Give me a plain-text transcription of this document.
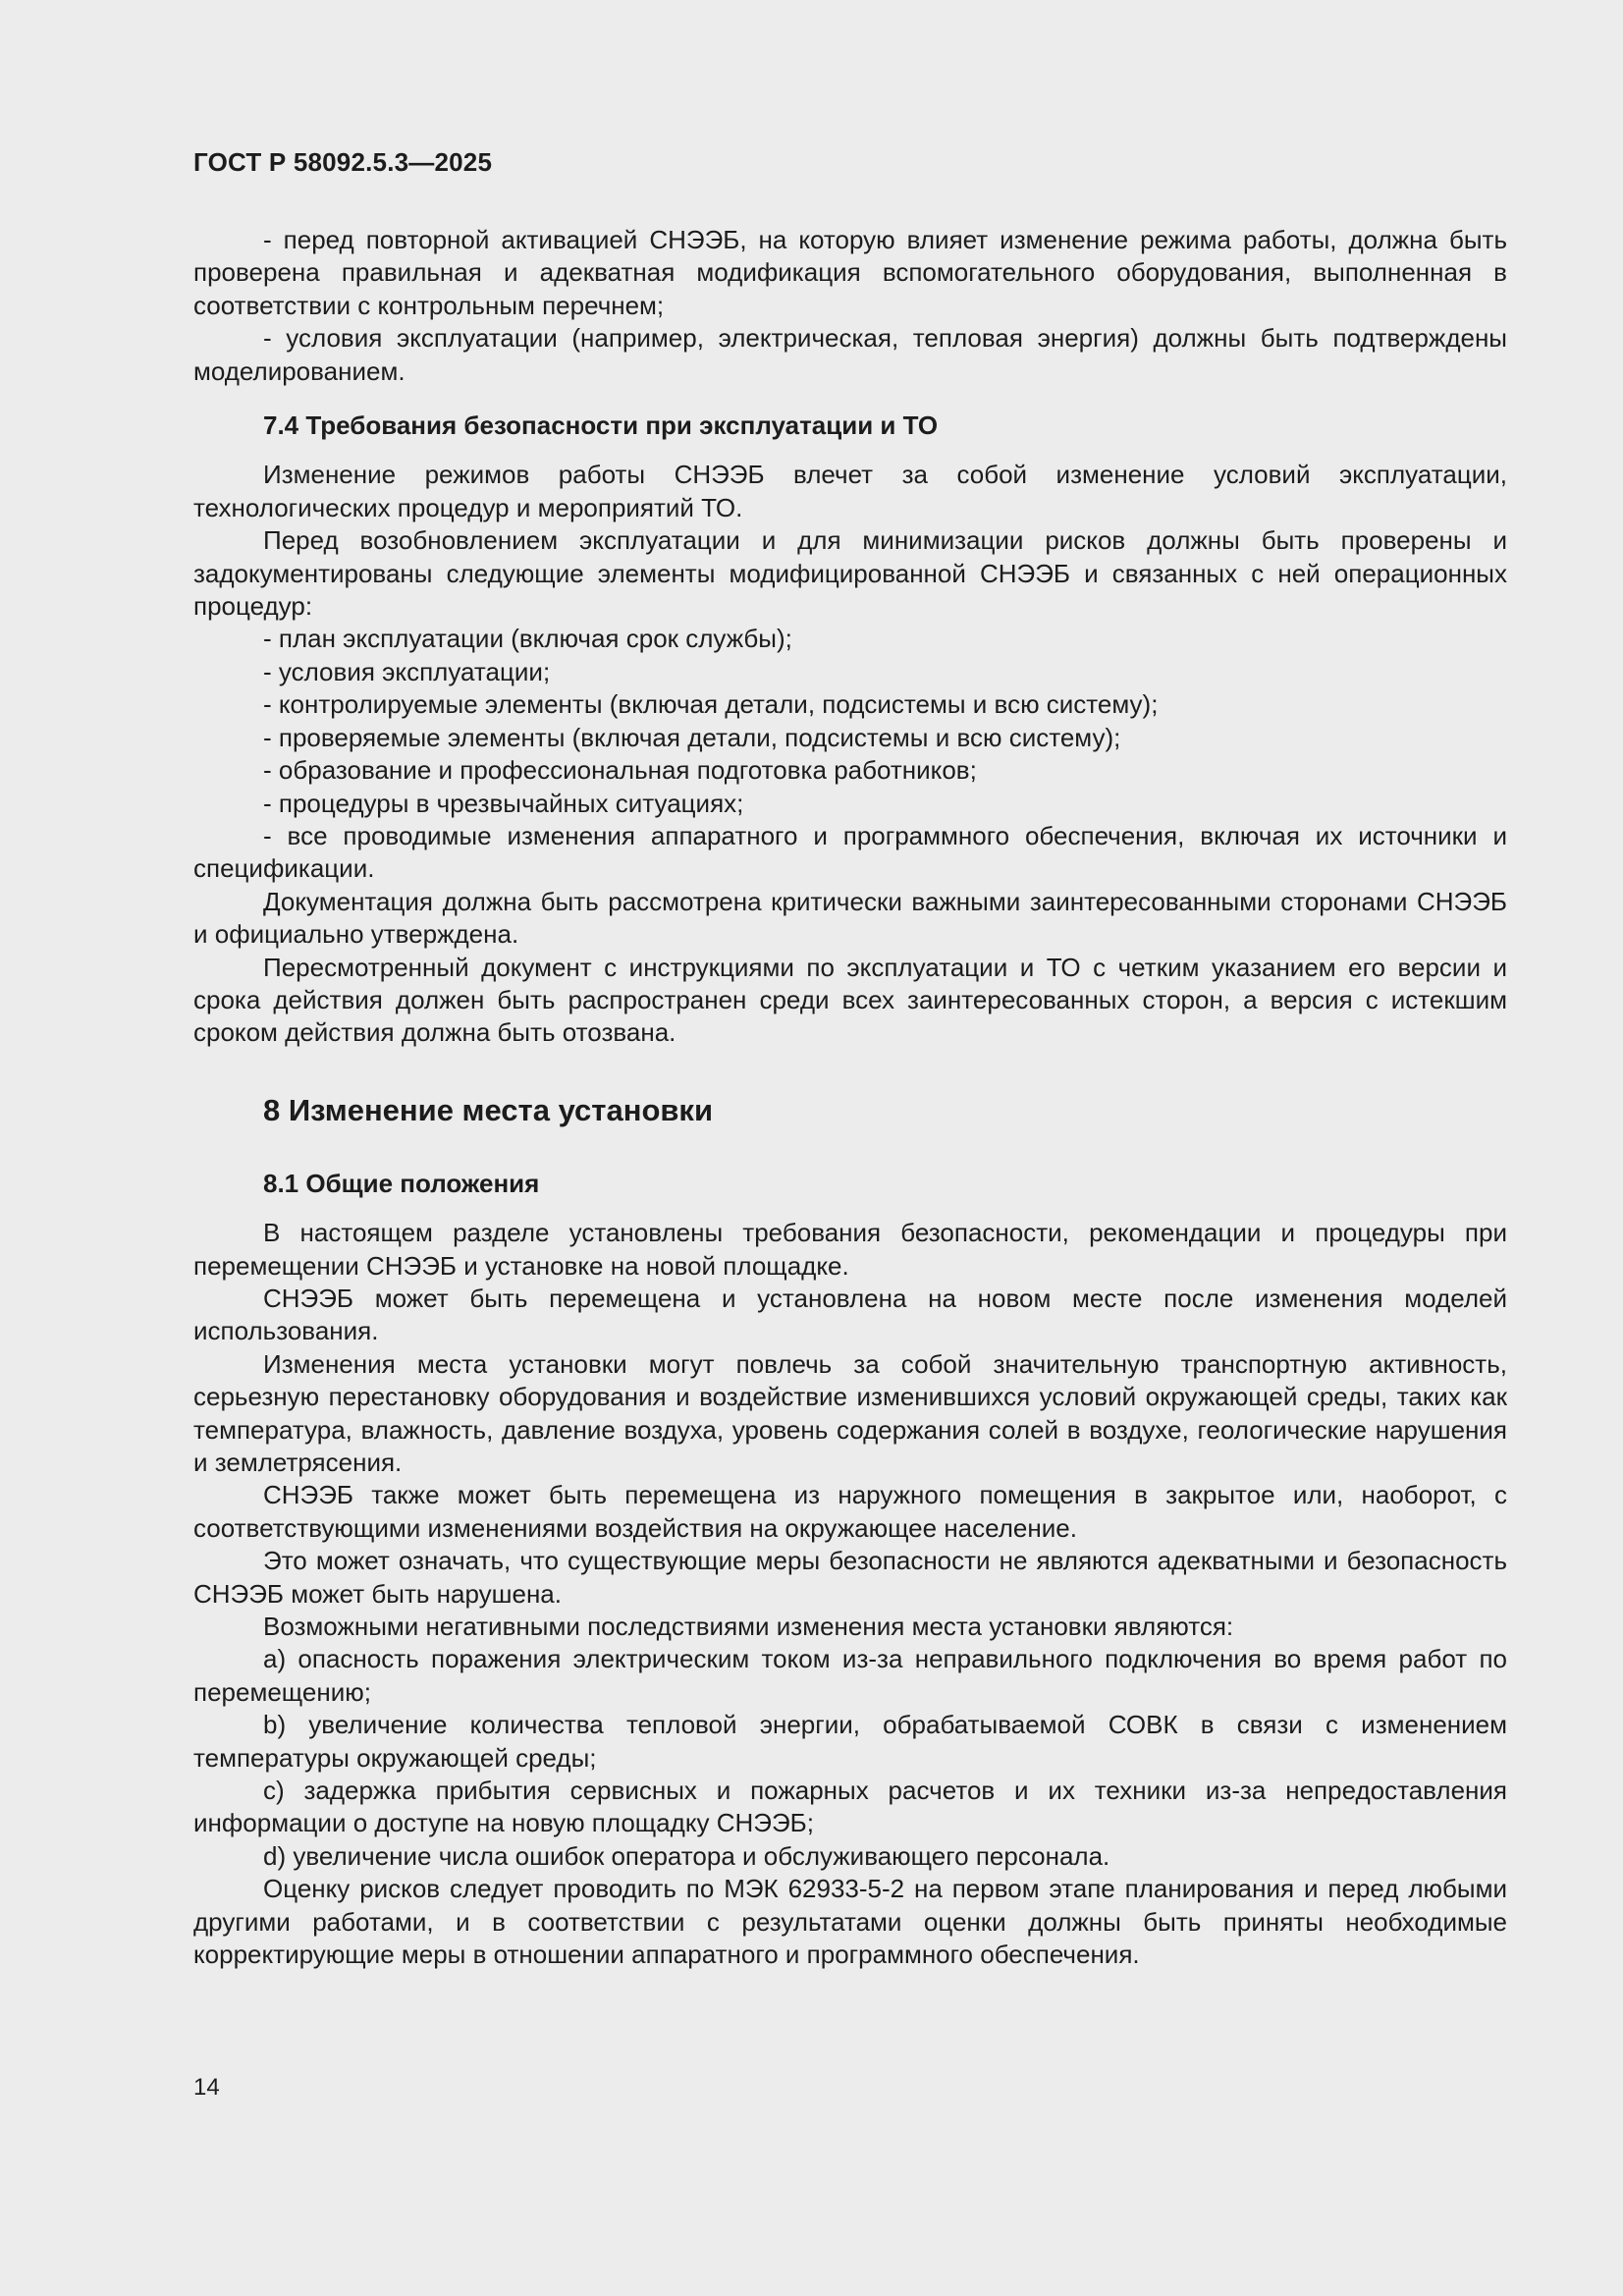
ГОСТ Р 58092.5.3—2025

- перед повторной активацией СНЭЭБ, на которую влияет изменение режима работы, должна быть проверена правильная и адекватная модификация вспомогательного оборудования, выполненная в соответствии с контрольным перечнем;

- условия эксплуатации (например, электрическая, тепловая энергия) должны быть подтверждены моделированием.

7.4 Требования безопасности при эксплуатации и ТО

Изменение режимов работы СНЭЭБ влечет за собой изменение условий эксплуатации, технологических процедур и мероприятий ТО.

Перед возобновлением эксплуатации и для минимизации рисков должны быть проверены и задокументированы следующие элементы модифицированной СНЭЭБ и связанных с ней операционных процедур:

- план эксплуатации (включая срок службы);

- условия эксплуатации;

- контролируемые элементы (включая детали, подсистемы и всю систему);

- проверяемые элементы (включая детали, подсистемы и всю систему);

- образование и профессиональная подготовка работников;

- процедуры в чрезвычайных ситуациях;

- все проводимые изменения аппаратного и программного обеспечения, включая их источники и спецификации.

Документация должна быть рассмотрена критически важными заинтересованными сторонами СНЭЭБ и официально утверждена.

Пересмотренный документ с инструкциями по эксплуатации и ТО с четким указанием его версии и срока действия должен быть распространен среди всех заинтересованных сторон, а версия с истекшим сроком действия должна быть отозвана.

8 Изменение места установки
8.1 Общие положения

В настоящем разделе установлены требования безопасности, рекомендации и процедуры при перемещении СНЭЭБ и установке на новой площадке.

СНЭЭБ может быть перемещена и установлена на новом месте после изменения моделей использования.

Изменения места установки могут повлечь за собой значительную транспортную активность, серьезную перестановку оборудования и воздействие изменившихся условий окружающей среды, таких как температура, влажность, давление воздуха, уровень содержания солей в воздухе, геологические нарушения и землетрясения.

СНЭЭБ также может быть перемещена из наружного помещения в закрытое или, наоборот, с соответствующими изменениями воздействия на окружающее население.

Это может означать, что существующие меры безопасности не являются адекватными и безопасность СНЭЭБ может быть нарушена.

Возможными негативными последствиями изменения места установки являются:

a) опасность поражения электрическим током из-за неправильного подключения во время работ по перемещению;

b) увеличение количества тепловой энергии, обрабатываемой СОВК в связи с изменением температуры окружающей среды;

c) задержка прибытия сервисных и пожарных расчетов и их техники из-за непредоставления информации о доступе на новую площадку СНЭЭБ;

d) увеличение числа ошибок оператора и обслуживающего персонала.

Оценку рисков следует проводить по МЭК 62933-5-2 на первом этапе планирования и перед любыми другими работами, и в соответствии с результатами оценки должны быть приняты необходимые корректирующие меры в отношении аппаратного и программного обеспечения.

14
